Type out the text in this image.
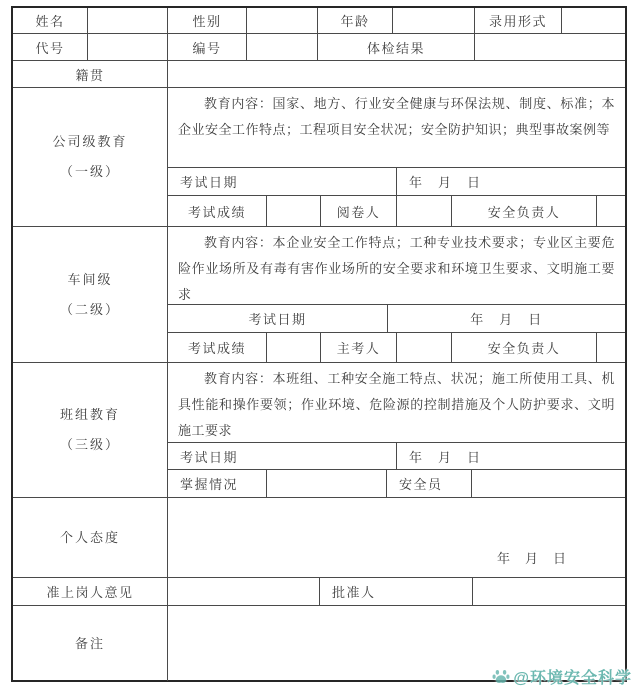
姓名	性别	年龄	录用形式
代号	编号	体检结果
籍贯
公司级教育
（一级）
教育内容：国家、地方、行业安全健康与环保法规、制度、标准；本企业安全工作特点；工程项目安全状况；安全防护知识；典型事故案例等
考试日期	年　月　日
考试成绩	阅卷人	安全负责人
车间级
（二级）
教育内容：本企业安全工作特点；工种专业技术要求；专业区主要危险作业场所及有毒有害作业场所的安全要求和环境卫生要求、文明施工要求
考试日期	年　月　日
考试成绩	主考人	安全负责人
班组教育
（三级）
教育内容：本班组、工种安全施工特点、状况；施工所使用工具、机具性能和操作要领；作业环境、危险源的控制措施及个人防护要求、文明施工要求
考试日期	年　月　日
掌握情况	安全员
个人态度
年　月　日
准上岗人意见	批准人
备注
@环境安全科学
